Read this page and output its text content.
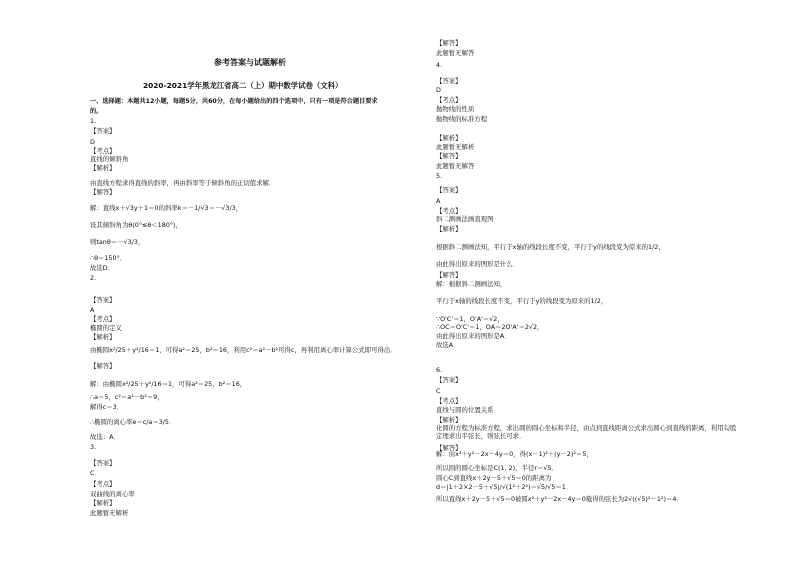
参考答案与试题解析
2020-2021学年黑龙江省高二（上）期中数学试卷（文科）
一、选择题：本题共12小题，每题5分，共60分，在每小题给出的四个选项中，只有一项是符合题目要求
的。
1.
【答案】
D
【考点】
直线的倾斜角
【解析】
由直线方程求得直线的斜率，再由斜率等于倾斜角的正切值求解．
【解答】
解：直线x＋√3y＋1＝0的斜率k＝－1/√3＝－√3/3，
设其倾斜角为θ(0°≤θ＜180°)，
则tanθ＝－√3/3，
∴θ＝150°．
故选D．
2.
【答案】
A
【考点】
椭圆的定义
【解析】
由椭圆x²/25＋y²/16＝1，可得a²＝25，b²＝16，利用c²＝a²－b²可得c，再利用离心率计算公式即可得出．
【解答】
解：由椭圆x²/25＋y²/16＝1，可得a²＝25，b²＝16，
∴a＝5，c²＝a²－b²＝9，
解得c＝3．
∴椭圆的离心率e＝c/a＝3/5．
故选：A．
3.
【答案】
C
【考点】
双曲线的离心率
【解析】
此题暂无解析
【解答】
此题暂无解答
4.
【答案】
D
【考点】
抛物线的性质
抛物线的标准方程
【解析】
此题暂无解析
【解答】
此题暂无解答
5.
【答案】
A
【考点】
斜二测画法画直观图
【解析】
根据斜二测画法知，平行于x轴的线段长度不变，平行于y的线段变为原来的1/2，
由此得出原来的图形是什么．
【解答】
解：根据斜二测画法知，
平行于x轴的线段长度不变，平行于y的线段变为原来的1/2，
∵O'C'＝1，O'A'＝√2，
∴OC＝O'C'＝1，OA＝2O'A'＝2√2，
由此得出原来的图形是A．
故选A．
6.
【答案】
C
【考点】
直线与圆的位置关系
【解析】
化圆的方程为标准方程，求出圆的圆心坐标和半径，由点到直线距离公式求出圆心到直线的距离，利用勾股
定理求出半弦长，则弦长可求．
【解答】
解：由x²＋y²－2x－4y＝0，得(x－1)²＋(y－2)²＝5，
所以圆的圆心坐标是C(1, 2)，半径r＝√5．
圆心C到直线x＋2y－5＋√5＝0的距离为
d＝|1＋2×2－5＋√5|/√(1²＋2²)＝√5/√5＝1．
所以直线x＋2y－5＋√5＝0被圆x²＋y²－2x－4y＝0截得的弦长为2√((√5)²－1²)＝4．
